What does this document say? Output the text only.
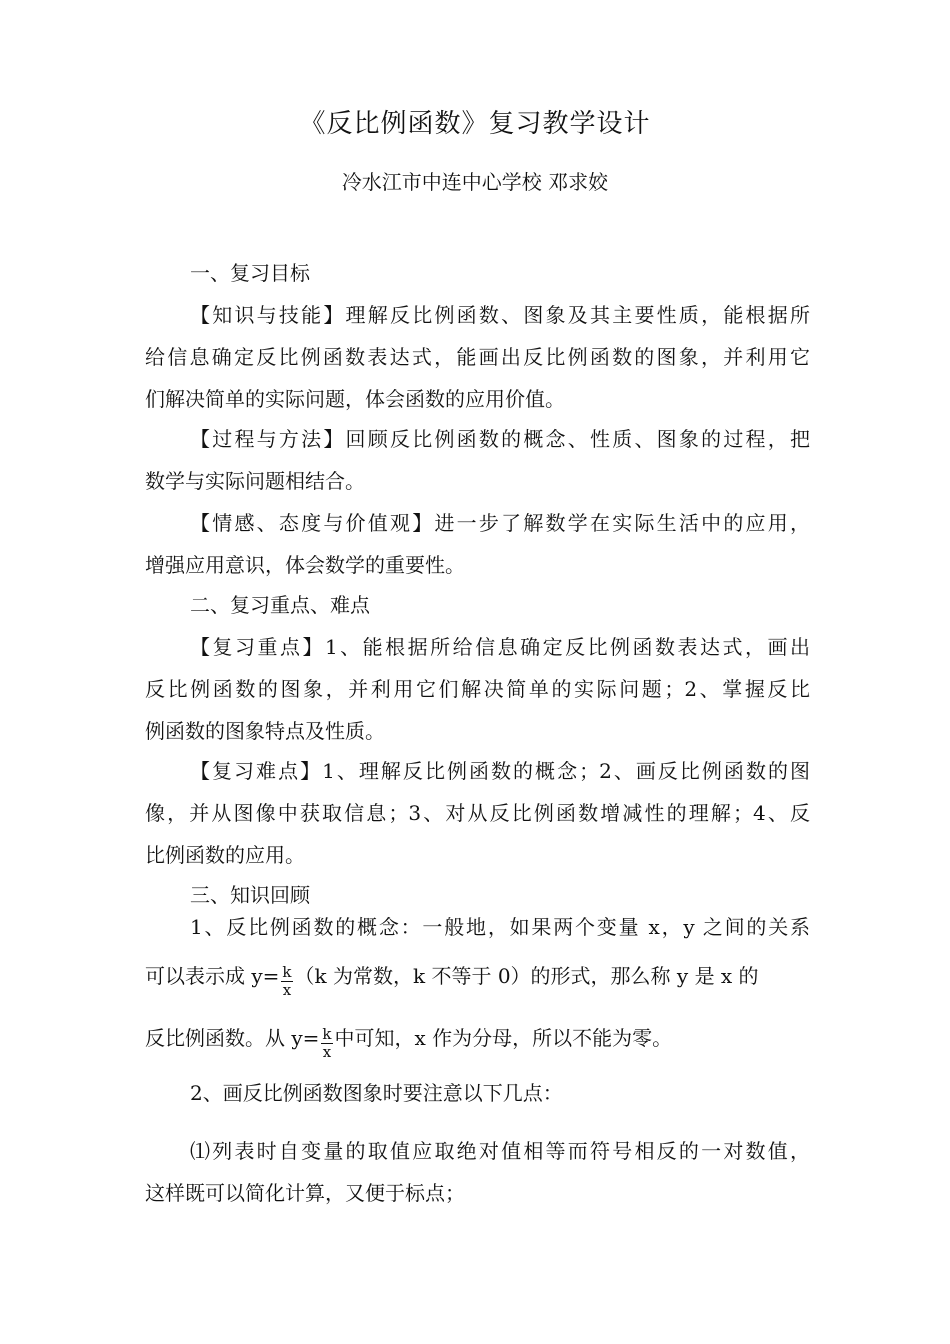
《反比例函数》复习教学设计
冷水江市中连中心学校 邓求姣
一、复习目标
【知识与技能】理解反比例函数、图象及其主要性质，能根据所
给信息确定反比例函数表达式，能画出反比例函数的图象，并利用它
们解决简单的实际问题，体会函数的应用价值。
【过程与方法】回顾反比例函数的概念、性质、图象的过程，把
数学与实际问题相结合。
【情感、态度与价值观】进一步了解数学在实际生活中的应用，
增强应用意识，体会数学的重要性。
二、复习重点、难点
【复习重点】1、能根据所给信息确定反比例函数表达式，画出
反比例函数的图象，并利用它们解决简单的实际问题；2、掌握反比
例函数的图象特点及性质。
【复习难点】1、理解反比例函数的概念；2、画反比例函数的图
像，并从图像中获取信息；3、对从反比例函数增减性的理解；4、反
比例函数的应用。
三、知识回顾
1、反比例函数的概念：一般地，如果两个变量 x，y 之间的关系
可以表示成 $y= \frac{k}{x} (k$ 为常数，k 不等于 0）的形式，那么称 y 是 x 的
反比例函数。从 $y= \frac{k}{x}$ 中可知，x 作为分母，所以不能为零。
2、画反比例函数图象时要注意以下几点：
⑴列表时自变量的取值应取绝对值相等而符号相反的一对数值，
这样既可以简化计算，又便于标点；
